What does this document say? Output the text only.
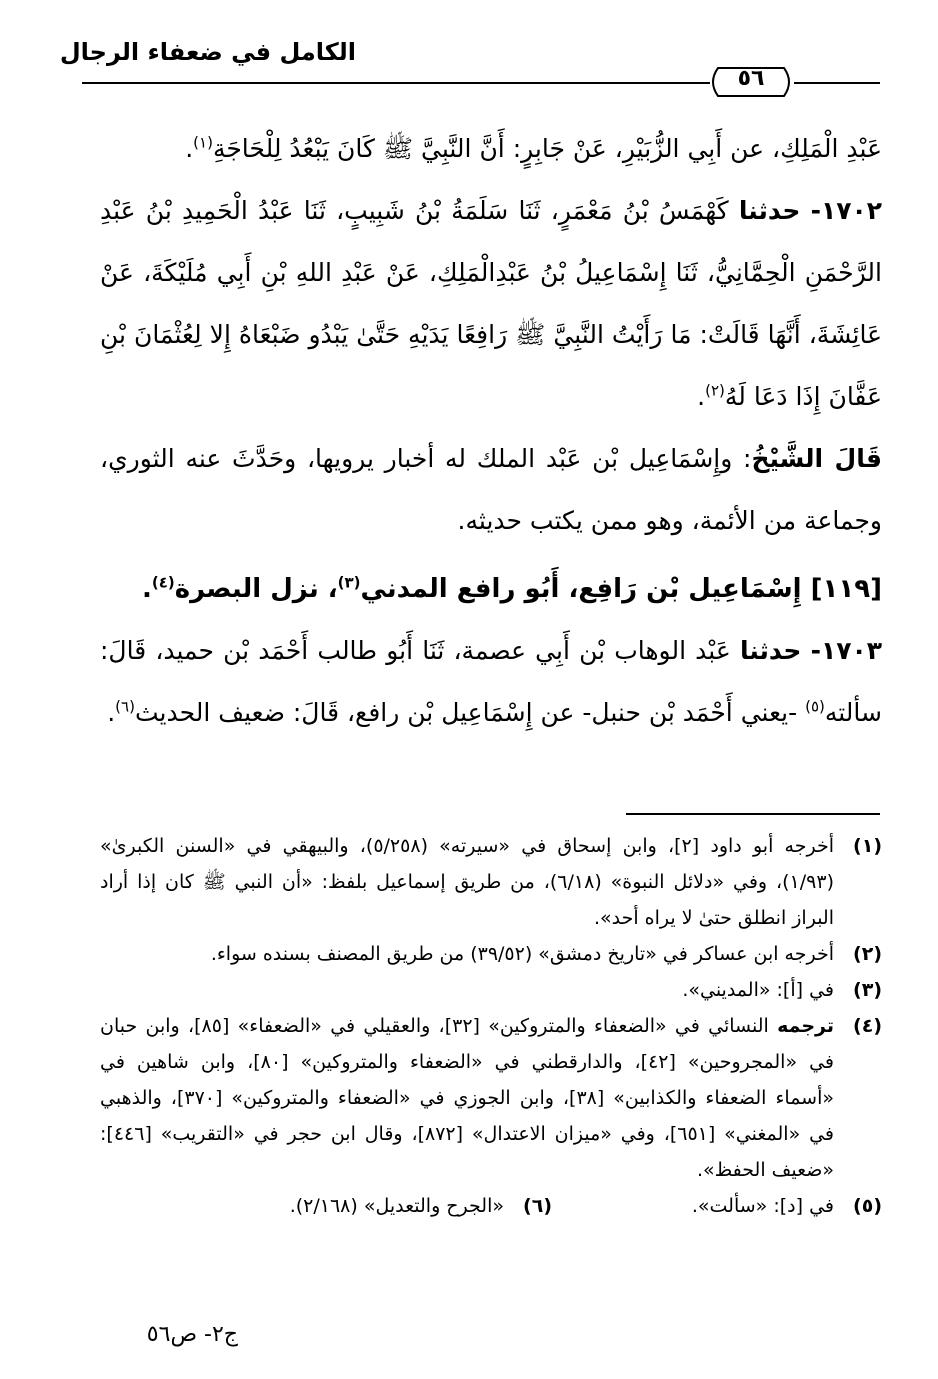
الكامل في ضعفاء الرجال
٥٦

عَبْدِ الْمَلِكِ، عن أَبِي الزُّبَيْرِ، عَنْ جَابِرٍ: أَنَّ النَّبِيَّ ﷺ كَانَ يَبْعُدُ لِلْحَاجَةِ$^{(١)}$.

١٧٠٢- حدثنا كَهْمَسُ بْنُ مَعْمَرٍ، ثَنَا سَلَمَةُ بْنُ شَبِيبٍ، ثَنَا عَبْدُ الْحَمِيدِ بْنُ عَبْدِ الرَّحْمَنِ الْحِمَّانِيُّ، ثَنَا إِسْمَاعِيلُ بْنُ عَبْدِالْمَلِكِ، عَنْ عَبْدِ اللهِ بْنِ أَبِي مُلَيْكَةَ، عَنْ عَائِشَةَ، أَنَّهَا قَالَتْ: مَا رَأَيْتُ النَّبِيَّ ﷺ رَافِعًا يَدَيْهِ حَتَّىٰ يَبْدُو ضَبْعَاهُ إِلا لِعُثْمَانَ بْنِ عَفَّانَ إِذَا دَعَا لَهُ$^{(٢)}$.

قَالَ الشَّيْخُ: وإِسْمَاعِيل بْن عَبْد الملك له أخبار يرويها، وحَدَّثَ عنه الثوري، وجماعة من الأئمة، وهو ممن يكتب حديثه.

[١١٩] إِسْمَاعِيل بْن رَافِع، أَبُو رافع المدني$^{(٣)}$، نزل البصرة$^{(٤)}$.

١٧٠٣- حدثنا عَبْد الوهاب بْن أَبِي عصمة، ثَنَا أَبُو طالب أَحْمَد بْن حميد، قَالَ: سألته$^{(٥)}$ -يعني أَحْمَد بْن حنبل- عن إِسْمَاعِيل بْن رافع، قَالَ: ضعيف الحديث$^{(٦)}$.

(١)
أخرجه أبو داود [٢]، وابن إسحاق في «سيرته» (٥/٢٥٨)، والبيهقي في «السنن الكبرىٰ» (١/٩٣)، وفي «دلائل النبوة» (٦/١٨)، من طريق إسماعيل بلفظ: «أن النبي ﷺ كان إذا أراد البراز انطلق حتىٰ لا يراه أحد».
(٢)
أخرجه ابن عساكر في «تاريخ دمشق» (٣٩/٥٢) من طريق المصنف بسنده سواء.
(٣)
في [أ]: «المديني».
(٤)
ترجمه النسائي في «الضعفاء والمتروكين» [٣٢]، والعقيلي في «الضعفاء» [٨٥]، وابن حبان في «المجروحين» [٤٢]، والدارقطني في «الضعفاء والمتروكين» [٨٠]، وابن شاهين في «أسماء الضعفاء والكذابين» [٣٨]، وابن الجوزي في «الضعفاء والمتروكين» [٣٧٠]، والذهبي في «المغني» [٦٥١]، وفي «ميزان الاعتدال» [٨٧٢]، وقال ابن حجر في «التقريب» [٤٤٦]: «ضعيف الحفظ».
(٥)
في [د]: «سألت».
(٦)
«الجرح والتعديل» (٢/١٦٨).
ج٢- ص٥٦
